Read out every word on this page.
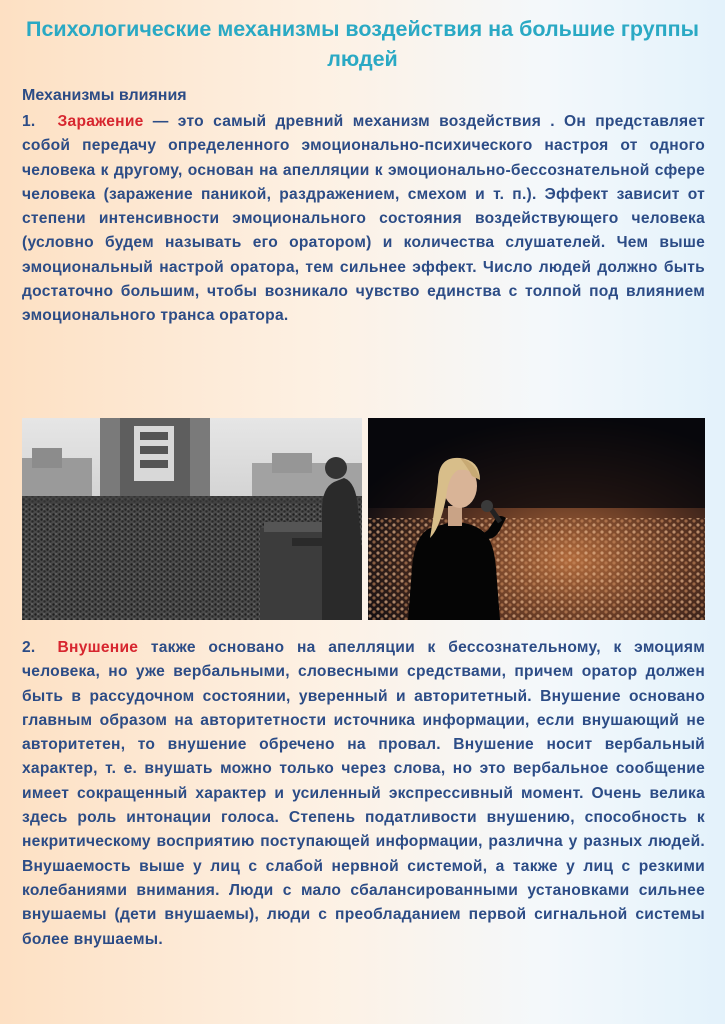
Психологические механизмы воздействия на большие группы людей
Механизмы влияния

1. Заражение — это самый древний механизм воздействия . Он представляет собой передачу определенного эмоционально-психического настроя от одного человека к другому, основан на апелляции к эмоционально-бессознательной сфере человека (заражение паникой, раздражением, смехом и т. п.). Эффект зависит от степени интенсивности эмоционального состояния воздействующего человека (условно будем называть его оратором) и количества слушателей. Чем выше эмоциональный настрой оратора, тем сильнее эффект. Число людей должно быть достаточно большим, чтобы возникало чувство единства с толпой под влиянием эмоционального транса оратора.

2. Внушение также основано на апелляции к бессознательному, к эмоциям человека, но уже вербальными, словесными средствами, причем оратор должен быть в рассудочном состоянии, уверенный и авторитетный. Внушение основано главным образом на авторитетности источника информации, если внушающий не авторитетен, то внушение обречено на провал. Внушение носит вербальный характер, т. е. внушать можно только через слова, но это вербальное сообщение имеет сокращенный характер и усиленный экспрессивный момент. Очень велика здесь роль интонации голоса. Степень податливости внушению, способность к некритическому восприятию поступающей информации, различна у разных людей. Внушаемость выше у лиц с слабой нервной системой, а также у лиц с резкими колебаниями внимания. Люди с мало сбалансированными установками сильнее внушаемы (дети внушаемы), люди с преобладанием первой сигнальной системы более внушаемы.
